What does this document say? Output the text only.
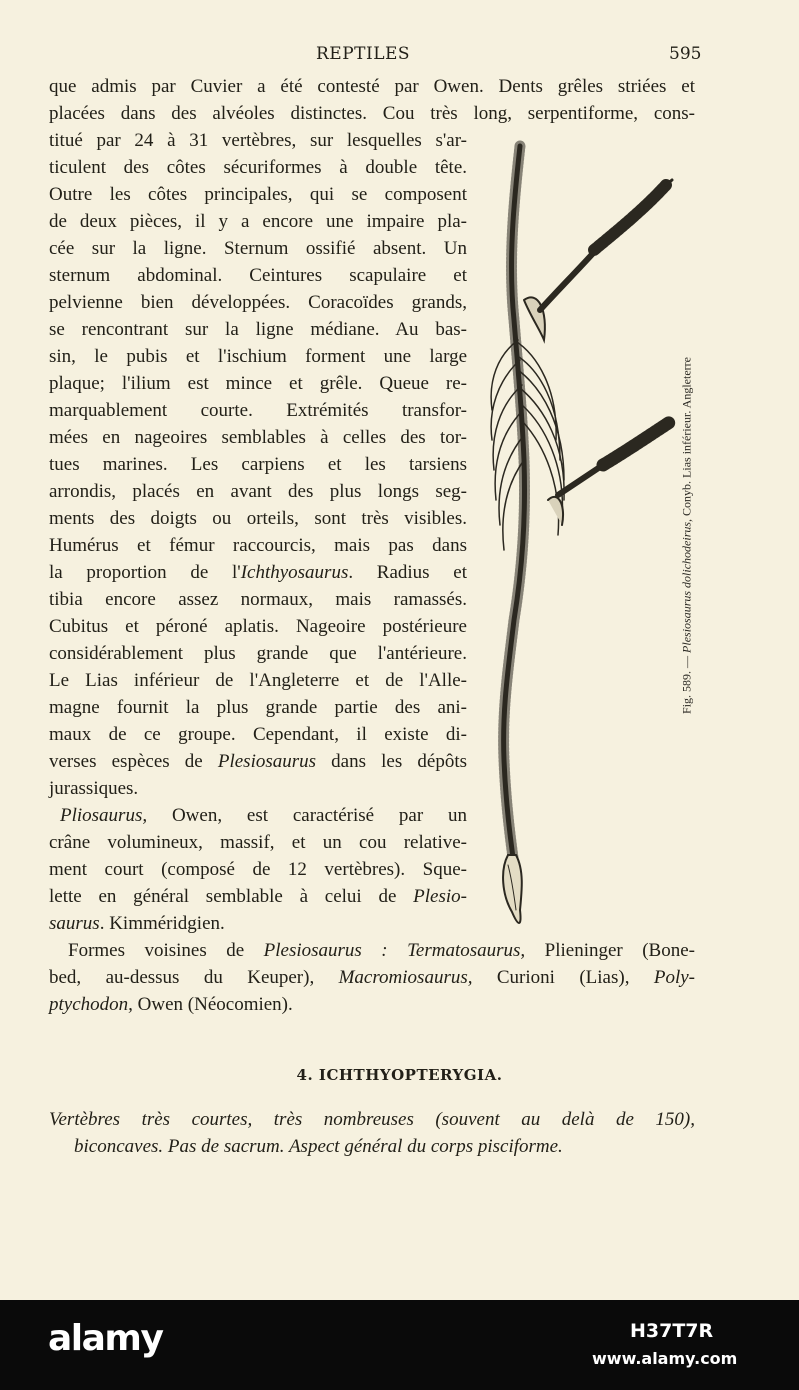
REPTILES	595
que admis par Cuvier a été contesté par Owen. Dents grêles striées et
placées dans des alvéoles distinctes. Cou très long, serpentiforme, cons-
titué par 24 à 31 vertèbres, sur lesquelles s'ar-
ticulent des côtes sécuriformes à double tête.
Outre les côtes principales, qui se composent
de deux pièces, il y a encore une impaire pla-
cée sur la ligne. Sternum ossifié absent. Un
sternum abdominal. Ceintures scapulaire et
pelvienne bien développées. Coracoïdes grands,
se rencontrant sur la ligne médiane. Au bas-
sin, le pubis et l'ischium forment une large
plaque; l'ilium est mince et grêle. Queue re-
marquablement courte. Extrémités transfor-
mées en nageoires semblables à celles des tor-
tues marines. Les carpiens et les tarsiens
arrondis, placés en avant des plus longs seg-
ments des doigts ou orteils, sont très visibles.
Humérus et fémur raccourcis, mais pas dans
la proportion de l'Ichthyosaurus. Radius et
tibia encore assez normaux, mais ramassés.
Cubitus et péroné aplatis. Nageoire postérieure
considérablement plus grande que l'antérieure.
Le Lias inférieur de l'Angleterre et de l'Alle-
magne fournit la plus grande partie des ani-
maux de ce groupe. Cependant, il existe di-
verses espèces de Plesiosaurus dans les dépôts
jurassiques.
Pliosaurus, Owen, est caractérisé par un
crâne volumineux, massif, et un cou relative-
ment court (composé de 12 vertèbres). Sque-
lette en général semblable à celui de Plesio-
saurus. Kimméridgien.
Formes voisines de Plesiosaurus : Termatosaurus, Plieninger (Bone-
bed, au-dessus du Keuper), Macromiosaurus, Curioni (Lias), Poly-
ptychodon, Owen (Néocomien).
4. ICHTHYOPTERYGIA.
Vertèbres très courtes, très nombreuses (souvent au delà de 150),
biconcaves. Pas de sacrum. Aspect général du corps pisciforme.
Fig. 589. — Plesiosaurus dolichodeirus, Conyb. Lias inférieur. Angleterre
alamy	H37T7R
www.alamy.com
